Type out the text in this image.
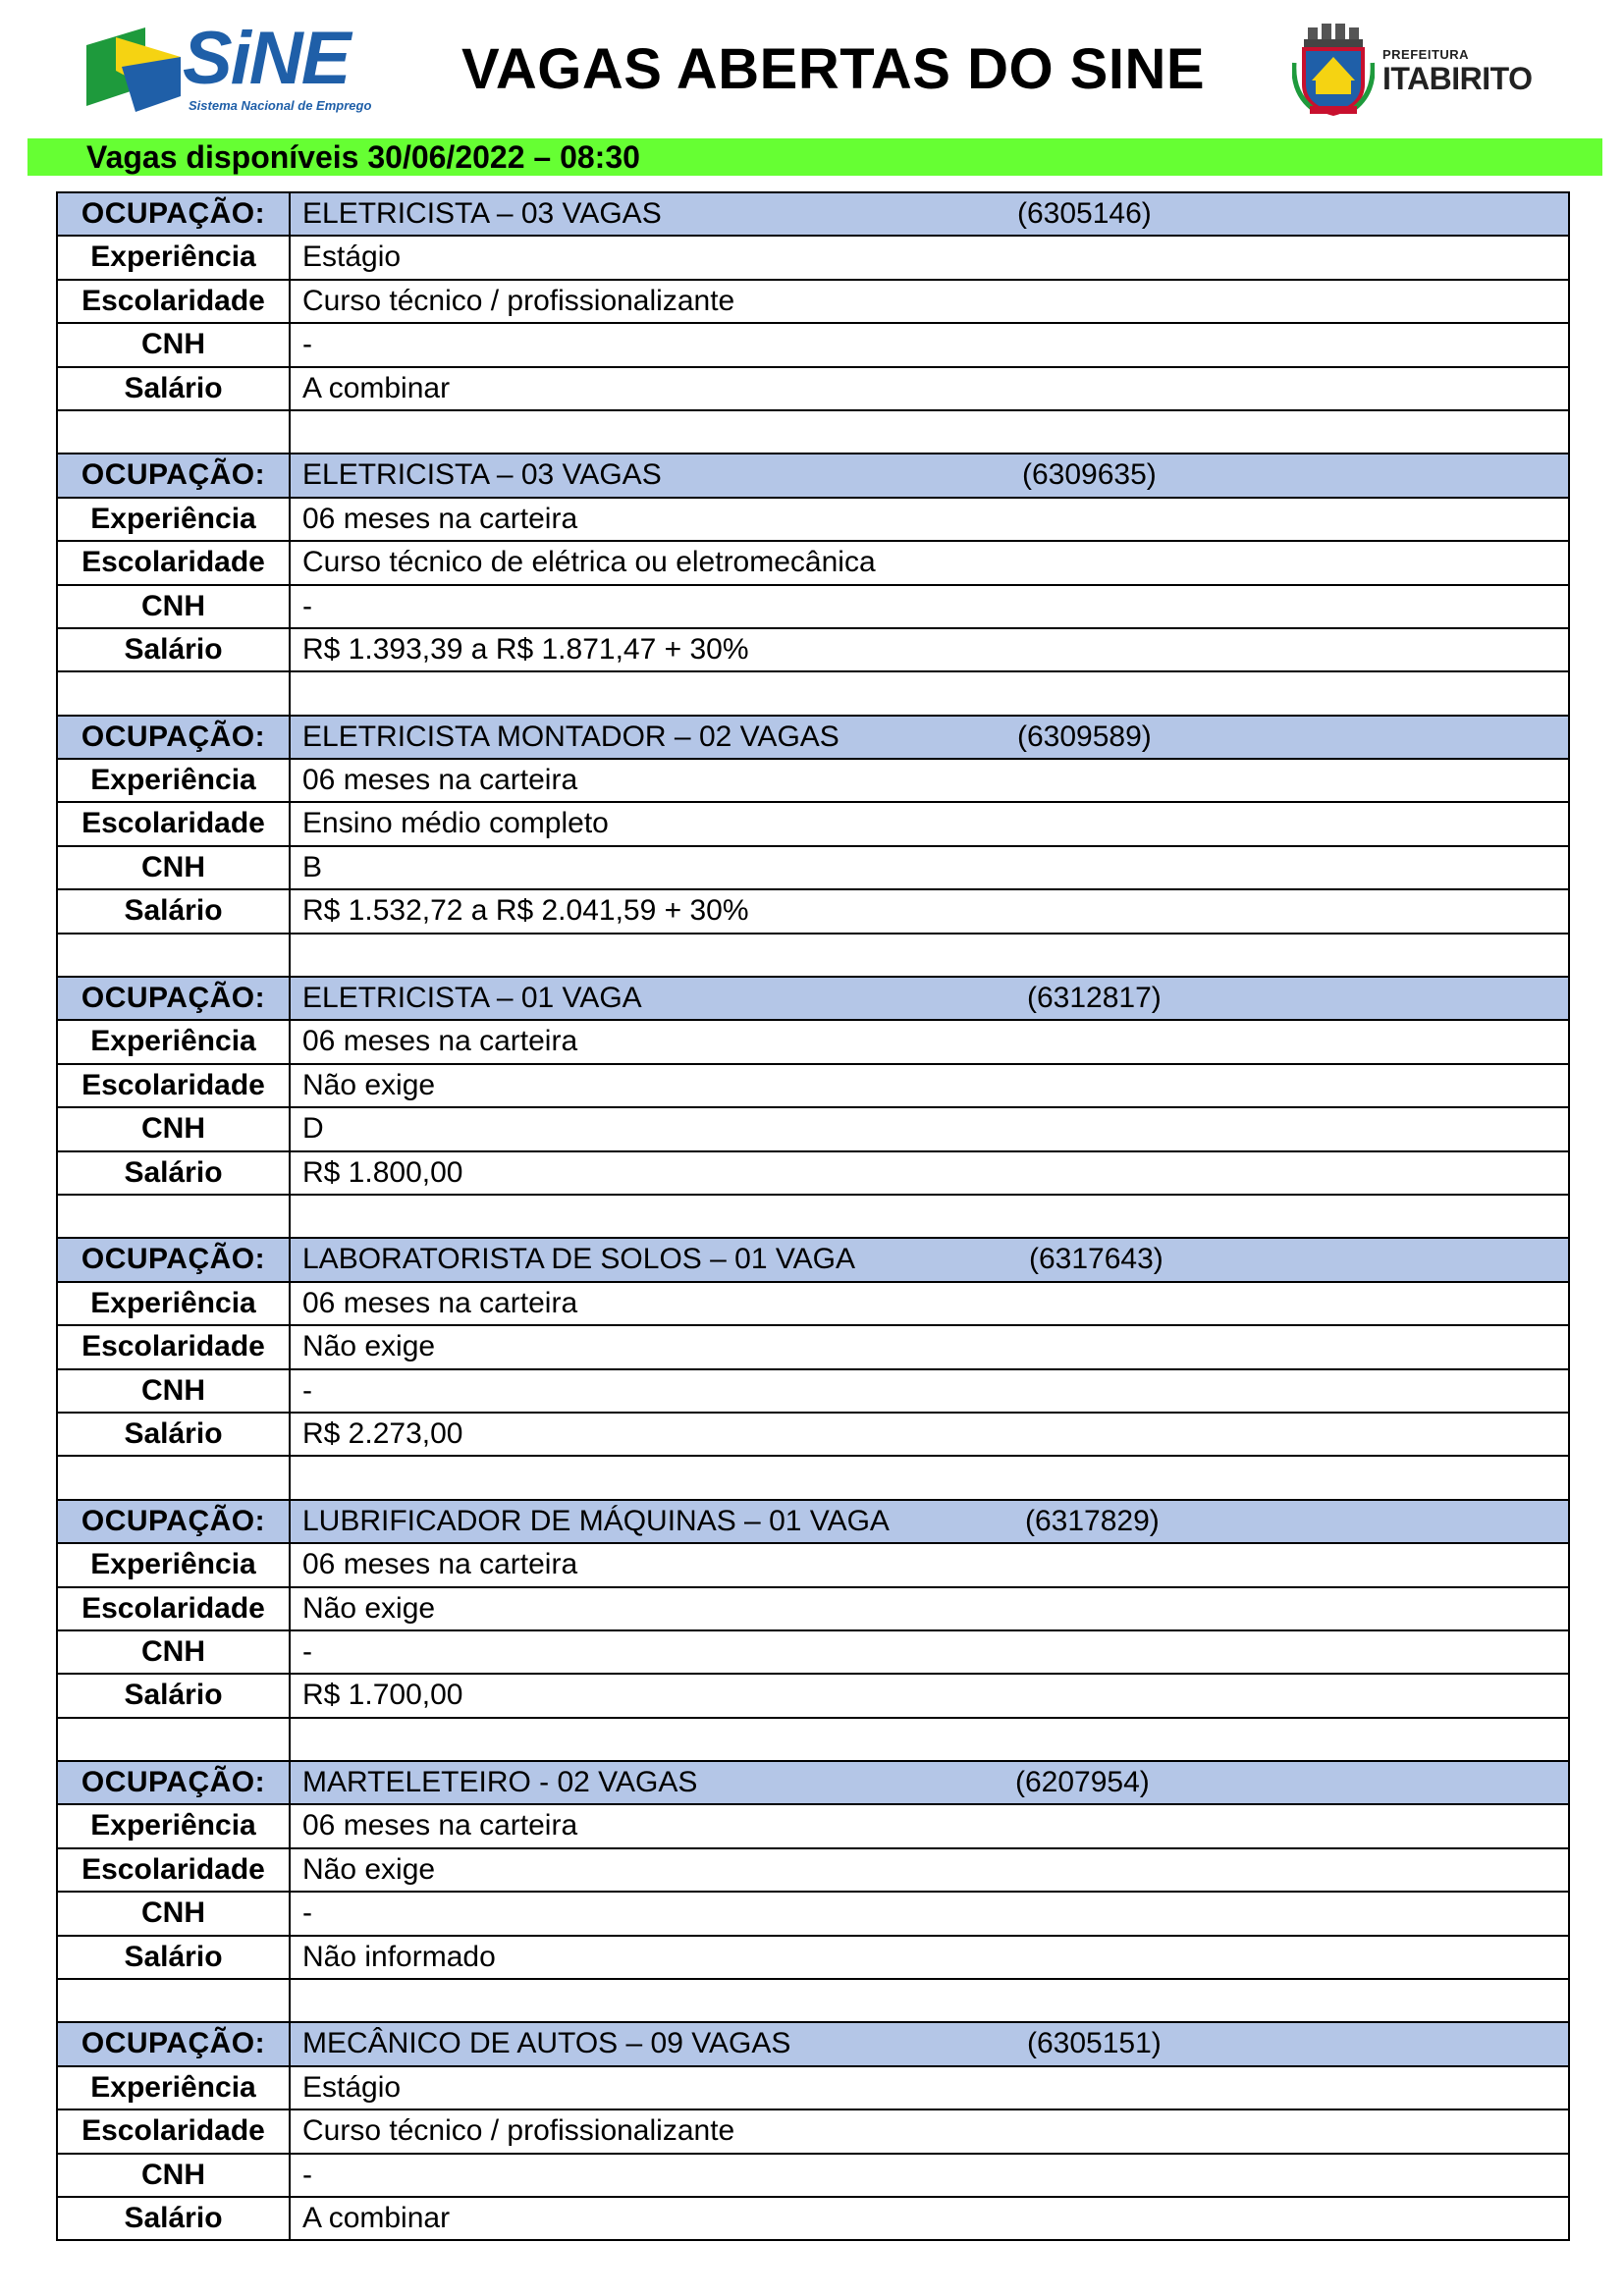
SiNE
Sistema Nacional de Emprego
VAGAS ABERTAS DO SINE	PREFEITURA
ITABIRITO
Vagas disponíveis 30/06/2022 – 08:30
OCUPAÇÃO:	ELETRICISTA – 03 VAGAS	(6305146)
Experiência	Estágio
Escolaridade	Curso técnico / profissionalizante
CNH	-
Salário	A combinar
OCUPAÇÃO:	ELETRICISTA – 03 VAGAS	(6309635)
Experiência	06 meses na carteira
Escolaridade	Curso técnico de elétrica ou eletromecânica
CNH	-
Salário	R$ 1.393,39 a R$ 1.871,47 + 30%
OCUPAÇÃO:	ELETRICISTA MONTADOR – 02 VAGAS	(6309589)
Experiência	06 meses na carteira
Escolaridade	Ensino médio completo
CNH	B
Salário	R$ 1.532,72 a R$ 2.041,59 + 30%
OCUPAÇÃO:	ELETRICISTA – 01 VAGA	(6312817)
Experiência	06 meses na carteira
Escolaridade	Não exige
CNH	D
Salário	R$ 1.800,00
OCUPAÇÃO:	LABORATORISTA DE SOLOS – 01 VAGA	(6317643)
Experiência	06 meses na carteira
Escolaridade	Não exige
CNH	-
Salário	R$ 2.273,00
OCUPAÇÃO:	LUBRIFICADOR DE MÁQUINAS – 01 VAGA	(6317829)
Experiência	06 meses na carteira
Escolaridade	Não exige
CNH	-
Salário	R$ 1.700,00
OCUPAÇÃO:	MARTELETEIRO - 02 VAGAS	(6207954)
Experiência	06 meses na carteira
Escolaridade	Não exige
CNH	-
Salário	Não informado
OCUPAÇÃO:	MECÂNICO DE AUTOS – 09 VAGAS	(6305151)
Experiência	Estágio
Escolaridade	Curso técnico / profissionalizante
CNH	-
Salário	A combinar
